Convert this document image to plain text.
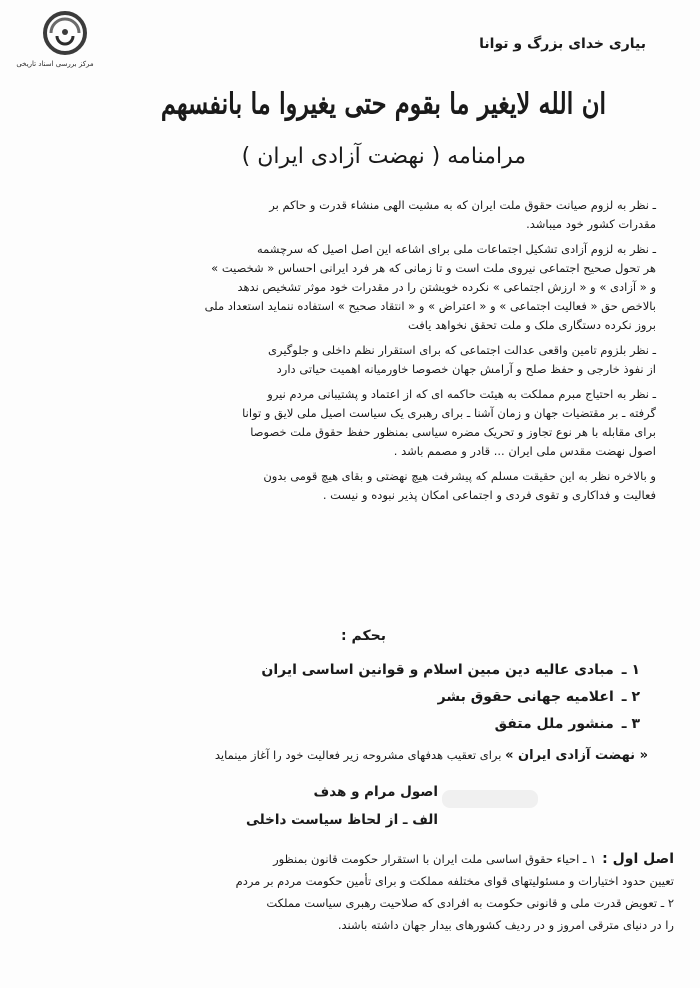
مرکز بررسی اسناد تاریخی
بیاری خدای بزرگ و توانا
ان الله لایغیر ما بقوم حتی یغیروا ما بانفسهم
مرامنامه ( نهضت آزادی ایران )

ـ نظر به لزوم صیانت حقوق ملت ایران که به مشیت الهی منشاء قدرت و حاکم بر
مقدرات کشور خود میباشد.

ـ نظر به لزوم آزادی تشکیل اجتماعات ملی برای اشاعه این اصل اصیل که سرچشمه
هر تحول صحیح اجتماعی نیروی ملت است و تا زمانی که هر فرد ایرانی احساس « شخصیت »
و « آزادی » و « ارزش اجتماعی » نکرده خویشتن را در مقدرات خود موثر تشخیص ندهد
بالاخص حق « فعالیت اجتماعی » و « اعتراض » و « انتقاد صحیح » استفاده ننماید استعداد ملی
بروز نکرده دستگاری ملک و ملت تحقق نخواهد یافت

ـ نظر بلزوم تامین واقعی عدالت اجتماعی که برای استقرار نظم داخلی و جلوگیری
از نفوذ خارجی و حفظ صلح و آرامش جهان خصوصا خاورمیانه اهمیت حیاتی دارد

ـ نظر به احتیاج مبرم مملکت به هیئت حاکمه ای که از اعتماد و پشتیبانی مردم نیرو
گرفته ـ بر مقتضیات جهان و زمان آشنا ـ برای رهبری یک سیاست اصیل ملی لایق و توانا
برای مقابله با هر نوع تجاوز و تحریک مضره سیاسی بمنظور حفظ حقوق ملت خصوصا
اصول نهضت مقدس ملی ایران ... قادر و مصمم باشد .

و بالاخره نظر به این حقیقت مسلم که پیشرفت هیچ نهضتی و بقای هیچ قومی بدون
فعالیت و فداکاری و تقوی فردی و اجتماعی امکان پذیر نبوده و نیست .

بحکم :
١ ـمبادی عالیه دین مبین اسلام و قوانین اساسی ایران
٢ ـاعلامیه جهانی حقوق بشر
٣ ـمنشور ملل متفق
« نهضت آزادی ایران » برای تعقیب هدفهای مشروحه زیر فعالیت خود را آغاز مینماید
اصول مرام و هدف
الف ـ از لحاظ سیاست داخلی

اصل اول :١ ـ احیاء حقوق اساسی ملت ایران با استقرار حکومت قانون بمنظور

تعیین حدود اختیارات و مسئولیتهای قوای مختلفه مملکت و برای تأمین حکومت مردم بر مردم

٢ ـ تعویض قدرت ملی و قانونی حکومت به افرادی که صلاحیت رهبری سیاست مملکت

را در دنیای مترقی امروز و در ردیف کشورهای بیدار جهان داشته باشند.
